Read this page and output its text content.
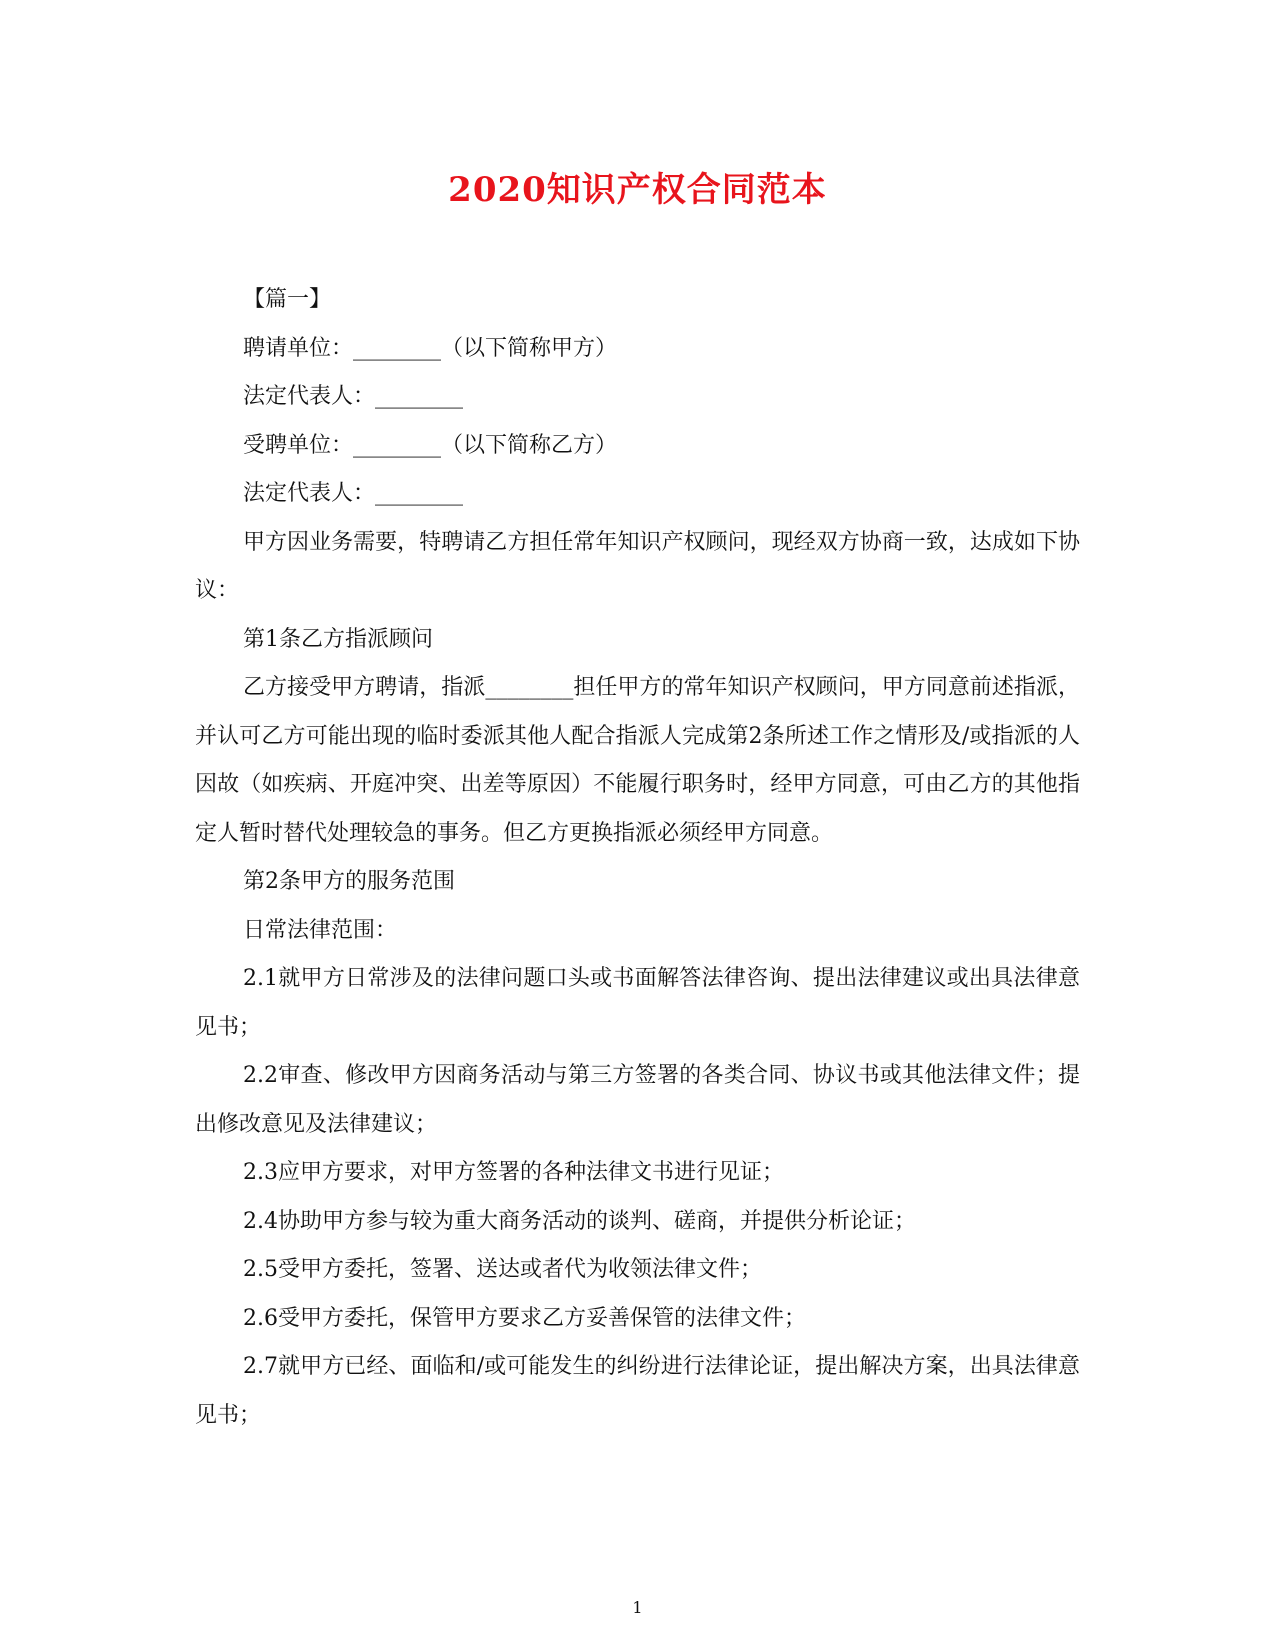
2020知识产权合同范本

【篇一】

聘请单位：________（以下简称甲方）

法定代表人：________

受聘单位：________（以下简称乙方）

法定代表人：________

甲方因业务需要，特聘请乙方担任常年知识产权顾问，现经双方协商一致，达成如下协议：

第1条乙方指派顾问

乙方接受甲方聘请，指派________担任甲方的常年知识产权顾问，甲方同意前述指派，并认可乙方可能出现的临时委派其他人配合指派人完成第2条所述工作之情形及/或指派的人因故（如疾病、开庭冲突、出差等原因）不能履行职务时，经甲方同意，可由乙方的其他指定人暂时替代处理较急的事务。但乙方更换指派必须经甲方同意。

第2条甲方的服务范围

日常法律范围：

2.1就甲方日常涉及的法律问题口头或书面解答法律咨询、提出法律建议或出具法律意见书；

2.2审查、修改甲方因商务活动与第三方签署的各类合同、协议书或其他法律文件；提出修改意见及法律建议；

2.3应甲方要求，对甲方签署的各种法律文书进行见证；

2.4协助甲方参与较为重大商务活动的谈判、磋商，并提供分析论证；

2.5受甲方委托，签署、送达或者代为收领法律文件；

2.6受甲方委托，保管甲方要求乙方妥善保管的法律文件；

2.7就甲方已经、面临和/或可能发生的纠纷进行法律论证，提出解决方案，出具法律意见书；

1
